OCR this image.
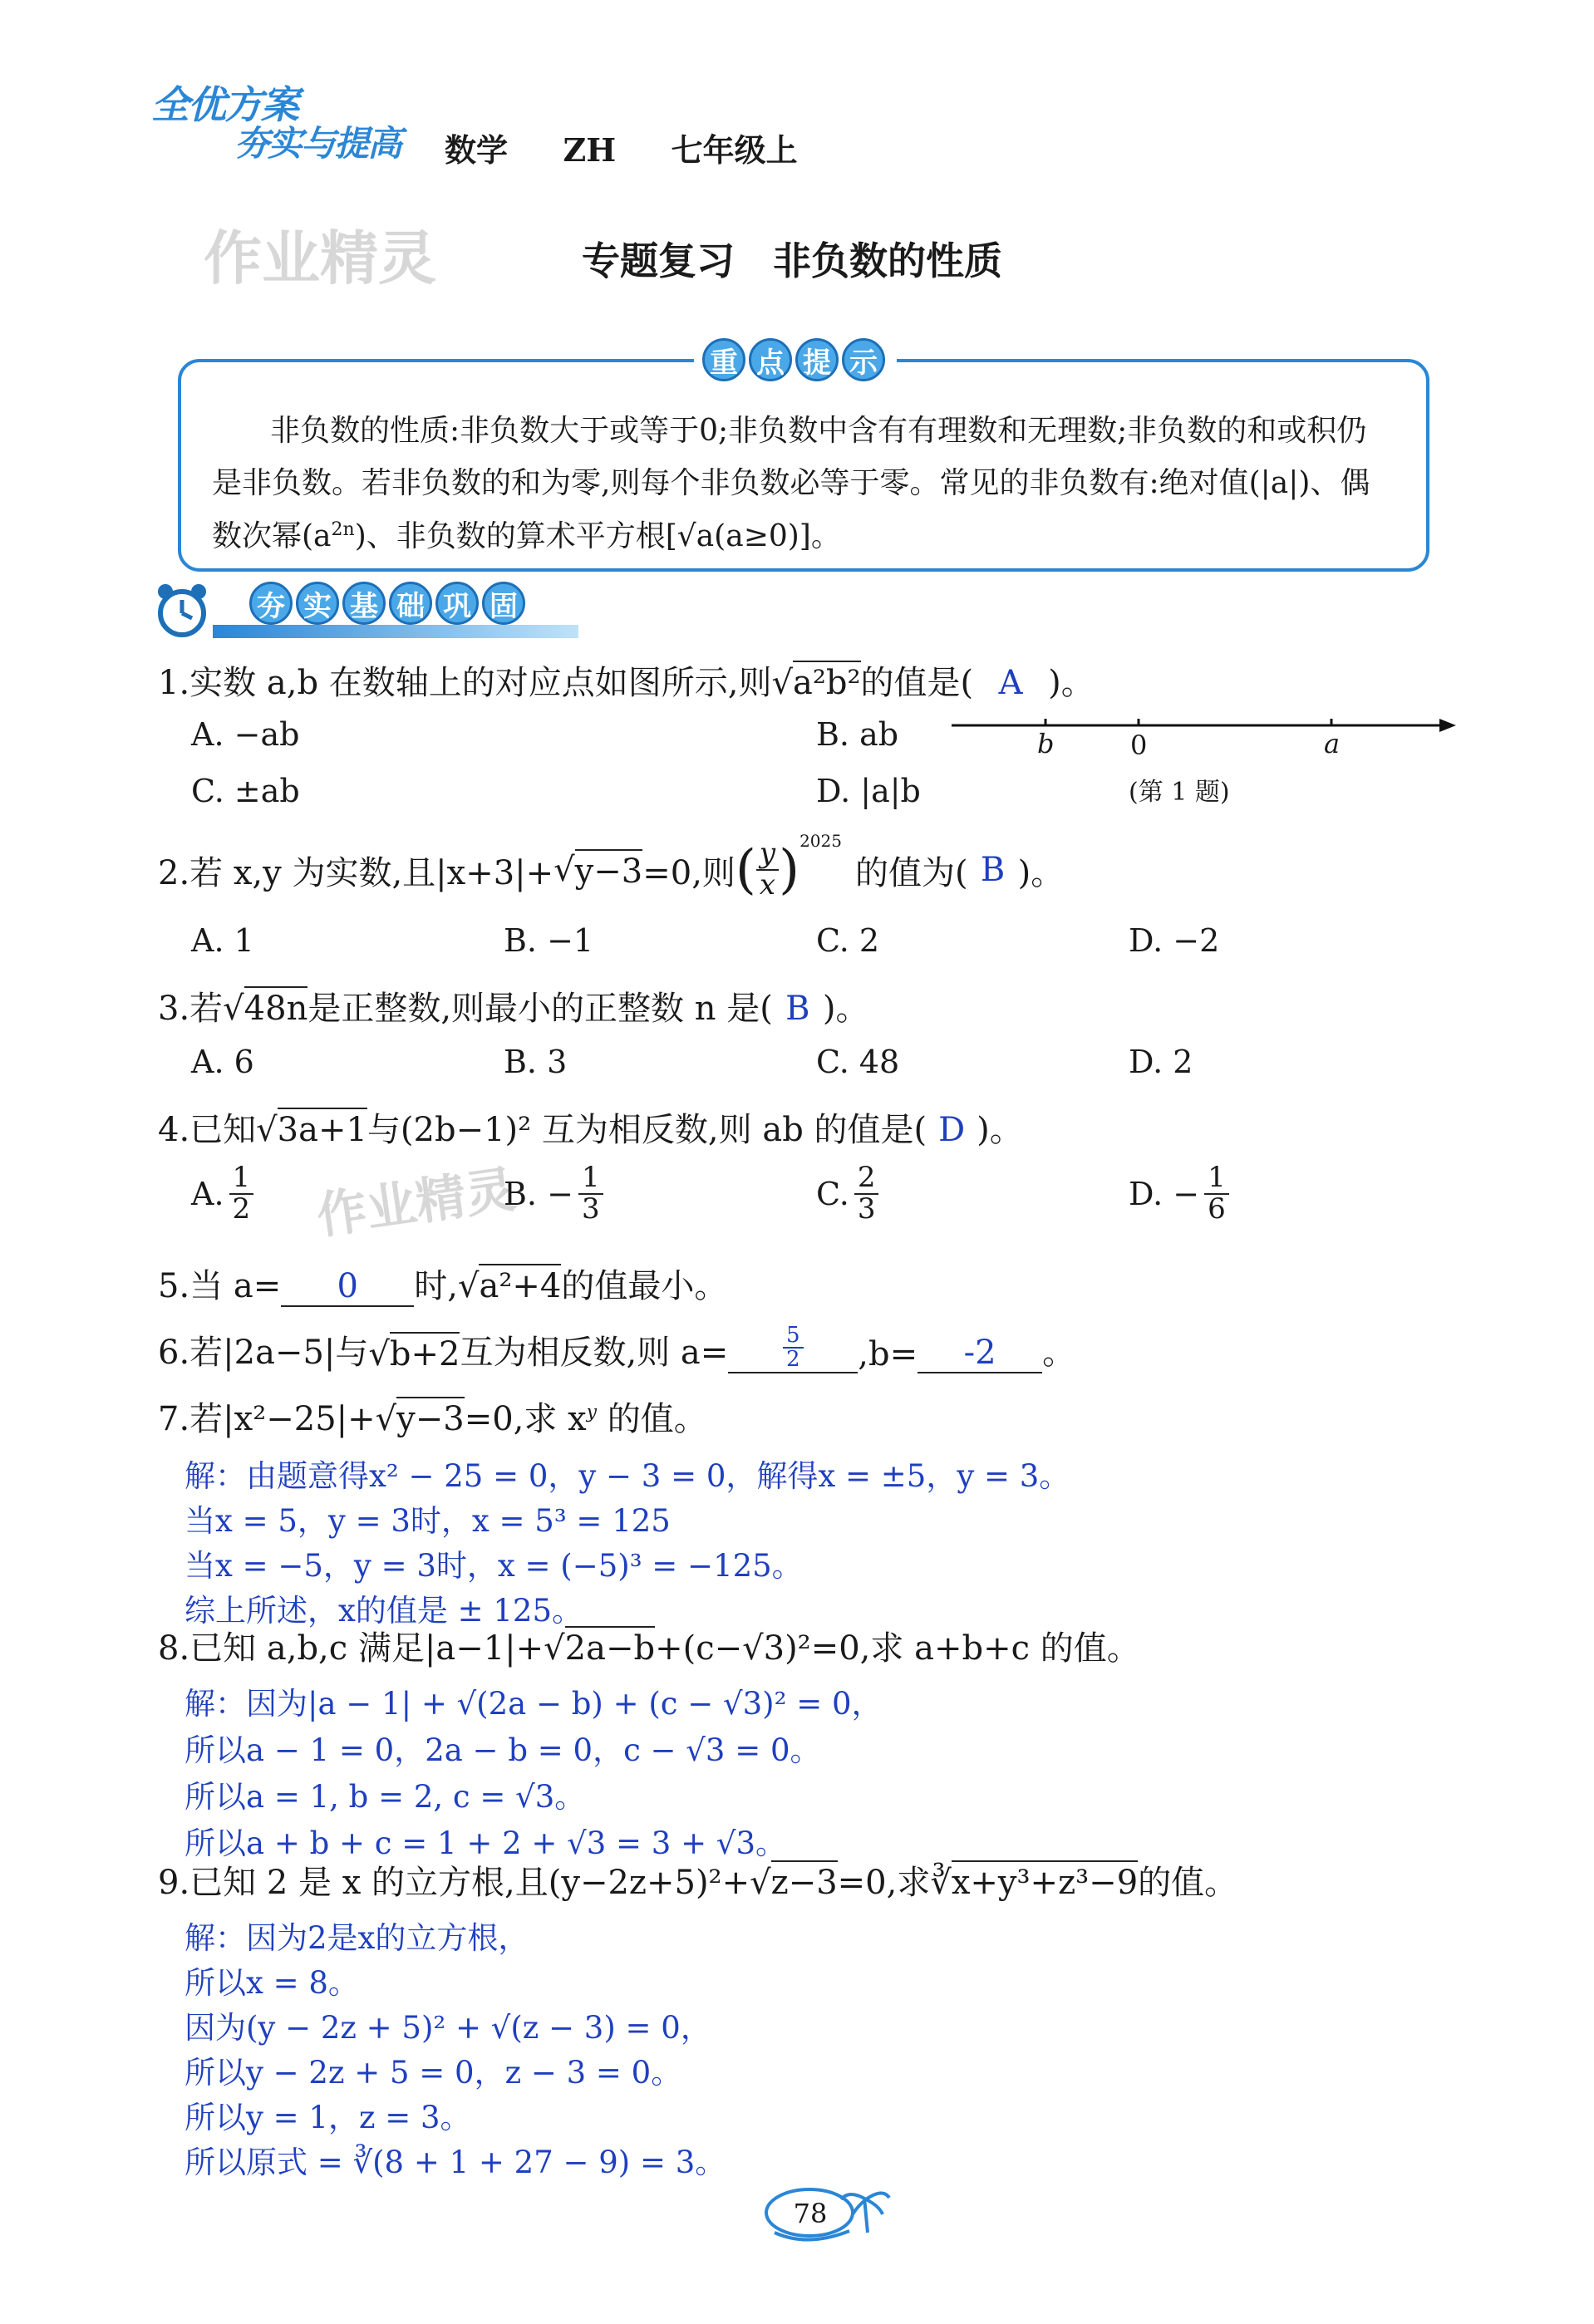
全优方案
夯实与提高 数学 ZH 七年级上
作业精灵
作业精灵
专题复习　非负数的性质
重 点 提 示
非负数的性质:非负数大于或等于0;非负数中含有有理数和无理数;非负数的和或积仍
是非负数。若非负数的和为零,则每个非负数必等于零。常见的非负数有:绝对值(|a|)、偶
数次幂$(a^{2n})$、非负数的算术平方根[√a(a≥0)]。
夯 实 基 础 巩 固
1.实数 a,b 在数轴上的对应点如图所示,则√a²b²的值是( A )。
A. −ab	B. ab
C. ±ab	D. |a|b
b	0	a
(第 1 题)
2.若 x,y 为实数,且|x+3|+ √ y−3 =0,则 ( $\frac{y}{x}$ ) 2025
的值为( B )。
A. 1	B. −1	C. 2	D. −2
3.若√48n是正整数,则最小的正整数 n 是( B )。
A. 6	B. 3	C. 48	D. 2
4.已知√3a+1与(2b−1)² 互为相反数,则 ab 的值是( D )。
A. $\frac{1}{2}$	B. − $\frac{1}{3}$	C. $\frac{2}{3}$	D. − $\frac{1}{6}$
5.当 a= 0 时,√a²+4的值最小。
6.若|2a−5|与 √ b+2 互为相反数,则 a=	$\frac{5}{2} ,b=$	-2	。
7.若|x²−25|+√y−3=0,求 $x^y$ 的值。
解：由题意得x² − 25 = 0，y − 3 = 0，解得x = ±5，y = 3。
当x = 5，y = 3时，x = 5³ = 125
当x = −5，y = 3时，x = (−5)³ = −125。
综上所述，x的值是 ± 125。
8.已知 a,b,c 满足|a−1|+√2a−b+(c−√3)²=0,求 a+b+c 的值。
解：因为|a − 1| + √(2a − b) + (c − √3)² = 0，
所以a − 1 = 0，2a − b = 0，c − √3 = 0。
所以a = 1, b = 2, c = √3。
所以a + b + c = 1 + 2 + √3 = 3 + √3。
9.已知 2 是 x 的立方根,且(y−2z+5)²+√z−3=0,求∛x+y³+z³−9的值。
解：因为2是x的立方根，
所以x = 8。
因为(y − 2z + 5)² + √(z − 3) = 0，
所以y − 2z + 5 = 0，z − 3 = 0。
所以y = 1，z = 3。
所以原式 = ∛(8 + 1 + 27 − 9) = 3。
78
